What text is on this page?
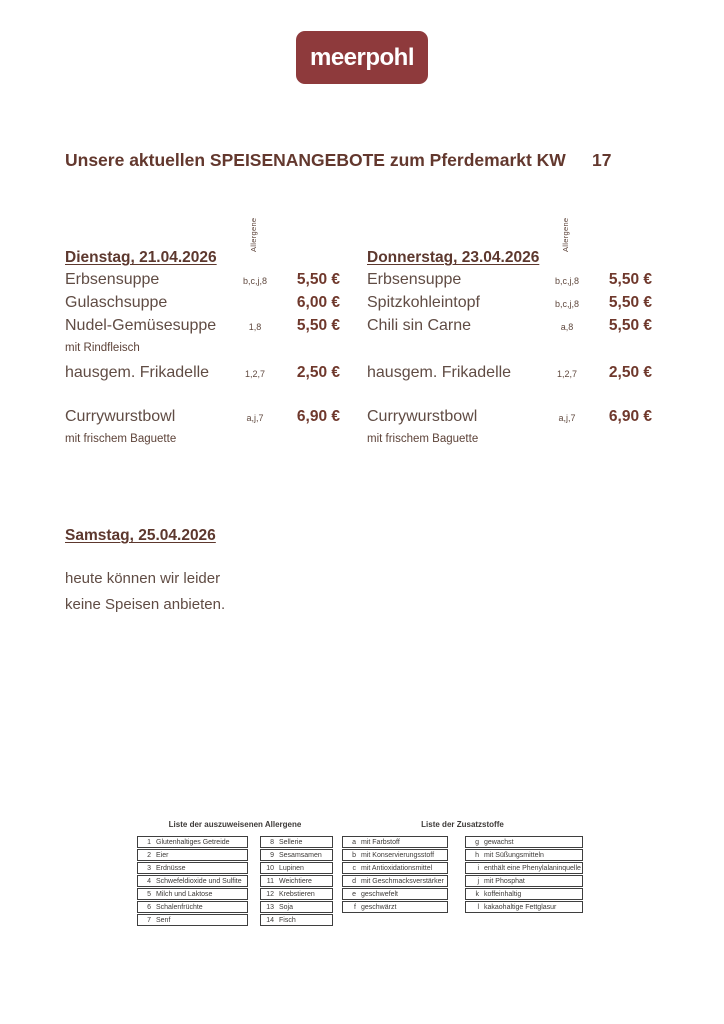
meerpohl
Unsere aktuellen SPEISENANGEBOTE zum Pferdemarkt KW	17
Allergene
Dienstag, 21.04.2026
Erbsensuppe	b,c,j,8	5,50 €
Gulaschsuppe	6,00 €
Nudel-Gemüsesuppe	1,8	5,50 €
mit Rindfleisch
hausgem. Frikadelle	1,2,7	2,50 €
Currywurstbowl	a,j,7	6,90 €
mit frischem Baguette
Allergene
Donnerstag, 23.04.2026
Erbsensuppe	b,c,j,8	5,50 €
Spitzkohleintopf	b,c,j,8	5,50 €
Chili sin Carne	a,8	5,50 €
hausgem. Frikadelle	1,2,7	2,50 €
Currywurstbowl	a,j,7	6,90 €
mit frischem Baguette
Samstag, 25.04.2026
heute können wir leider
keine Speisen anbieten.
Liste der auszuweisenen Allergene
1 Glutenhaltiges Getreide
2 Eier
3 Erdnüsse
4 Schwefeldioxide und Sulfite
5 Milch und Laktose
6 Schalenfrüchte
7 Senf
8 Sellerie
9 Sesamsamen
10 Lupinen
11 Weichtiere
12 Krebstieren
13 Soja
14 Fisch
Liste der Zusatzstoffe
a mit Farbstoff
b mit Konservierungsstoff
c mit Antioxidationsmittel
d mit Geschmacksverstärker
e geschwefelt
f geschwärzt
g gewachst
h mit Süßungsmitteln
i enthält eine Phenylalaninquelle
j mit Phosphat
k koffeinhaltig
l kakaohaltige Fettglasur
